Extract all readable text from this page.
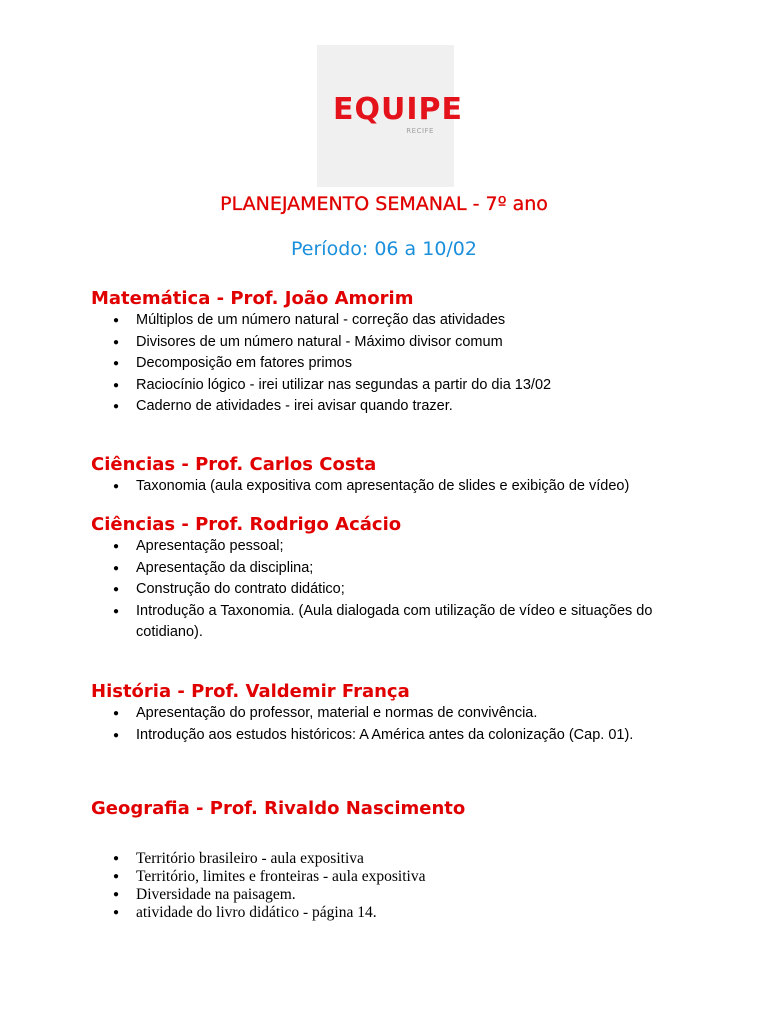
EQUIPE
RECIFE
PLANEJAMENTO SEMANAL - 7º ano
Período: 06 a 10/02
Matemática - Prof. João Amorim
● Múltiplos de um número natural - correção das atividades
● Divisores de um número natural - Máximo divisor comum
● Decomposição em fatores primos
● Raciocínio lógico - irei utilizar nas segundas a partir do dia 13/02
● Caderno de atividades - irei avisar quando trazer.
Ciências - Prof. Carlos Costa
● Taxonomia (aula expositiva com apresentação de slides e exibição de vídeo)
Ciências - Prof. Rodrigo Acácio
● Apresentação pessoal;
● Apresentação da disciplina;
● Construção do contrato didático;
● Introdução a Taxonomia. (Aula dialogada com utilização de vídeo e situações do cotidiano).
História - Prof. Valdemir França
● Apresentação do professor, material e normas de convivência.
● Introdução aos estudos históricos: A América antes da colonização (Cap. 01).
Geografia - Prof. Rivaldo Nascimento
● Território brasileiro - aula expositiva
● Território, limites e fronteiras - aula expositiva
● Diversidade na paisagem.
● atividade do livro didático - página 14.
